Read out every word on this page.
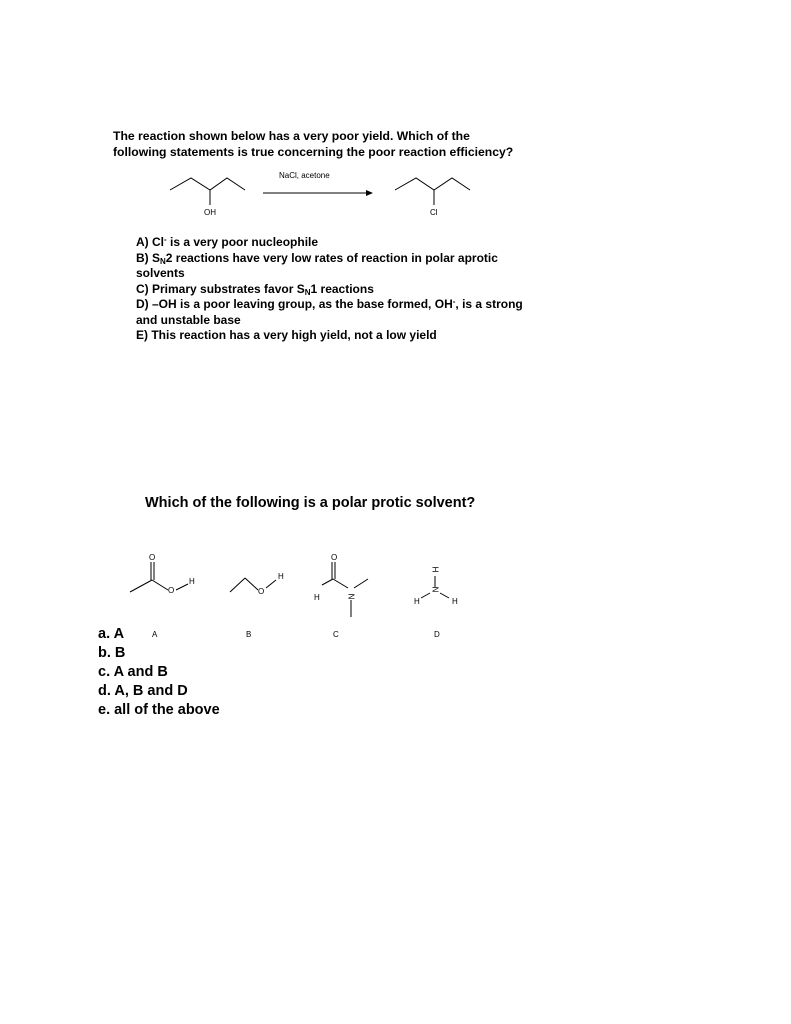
The reaction shown below has a very poor yield. Which of the
following statements is true concerning the poor reaction efficiency?
OH
NaCl, acetone
Cl
A) Cl- is a very poor nucleophile
B) $S_N2$ reactions have very low rates of reaction in polar aprotic
solvents
C) Primary substrates favor $S_N1$ reactions
D) –OH is a poor leaving group, as the base formed, OH-, is a strong
and unstable base
E) This reaction has a very high yield, not a low yield
Which of the following is a polar protic solvent?
O
O
H
O
H
O
H	N
H
N
H	H
A	B	C	D
a. A
b. B
c. A and B
d. A, B and D
e. all of the above
